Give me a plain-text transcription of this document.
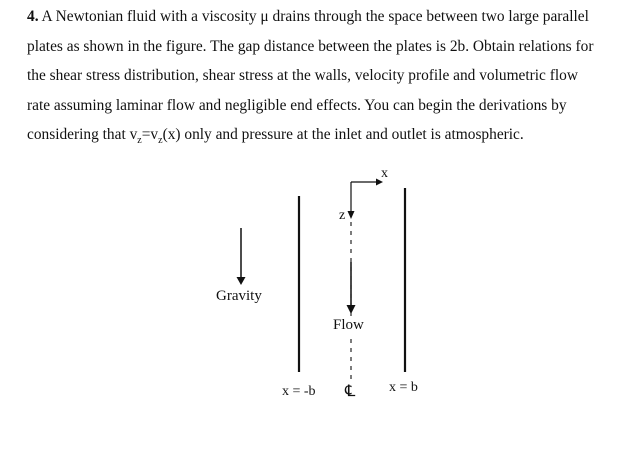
4. A Newtonian fluid with a viscosity μ drains through the space between two large parallel
plates as shown in the figure. The gap distance between the plates is 2b. Obtain relations for
the shear stress distribution, shear stress at the walls, velocity profile and volumetric flow
rate assuming laminar flow and negligible end effects. You can begin the derivations by
considering that $v_z=v_z(x)$ only and pressure at the inlet and outlet is atmospheric.
Gravity
Flow
x
z
x = -b	x = b
℄
